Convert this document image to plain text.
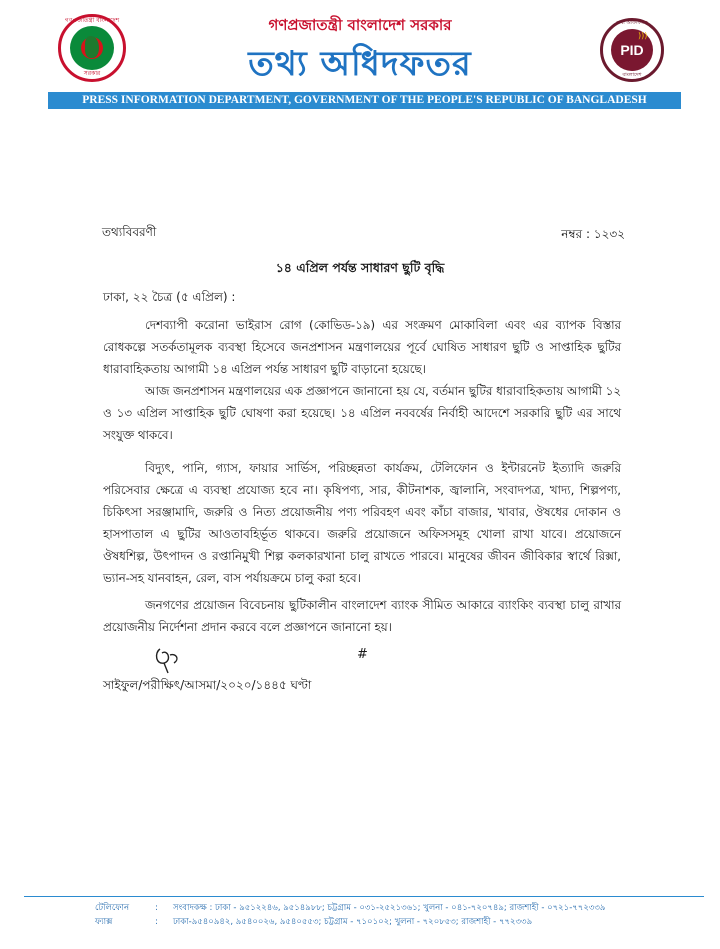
গণপ্রজাতন্ত্রী বাংলাদেশ
সরকার
গণপ্রজাতন্ত্রী বাংলাদেশ সরকার
তথ্য অধিদফতর
তথ্য অধিদফতর
PID
)))
বাংলাদেশ
PRESS INFORMATION DEPARTMENT, GOVERNMENT OF THE PEOPLE'S REPUBLIC OF BANGLADESH
তথ্যবিবরণী	নম্বর : ১২৩২
১৪ এপ্রিল পর্যন্ত সাধারণ ছুটি বৃদ্ধি
ঢাকা, ২২ চৈত্র (৫ এপ্রিল) :
দেশব্যাপী করোনা ভাইরাস রোগ (কোভিড-১৯) এর সংক্রমণ মোকাবিলা এবং এর ব্যাপক বিস্তার রোধকল্পে সতর্কতামূলক ব্যবস্থা হিসেবে জনপ্রশাসন মন্ত্রণালয়ের পূর্বে ঘোষিত সাধারণ ছুটি ও সাপ্তাহিক ছুটির ধারাবাহিকতায় আগামী ১৪ এপ্রিল পর্যন্ত সাধারণ ছুটি বাড়ানো হয়েছে।
আজ জনপ্রশাসন মন্ত্রণালয়ের এক প্রজ্ঞাপনে জানানো হয় যে, বর্তমান ছুটির ধারাবাহিকতায় আগামী ১২ ও ১৩ এপ্রিল সাপ্তাহিক ছুটি ঘোষণা করা হয়েছে। ১৪ এপ্রিল নববর্ষের নির্বাহী আদেশে সরকারি ছুটি এর সাথে সংযুক্ত থাকবে।
বিদ্যুৎ, পানি, গ্যাস, ফায়ার সার্ভিস, পরিচ্ছন্নতা কার্যক্রম, টেলিফোন ও ইন্টারনেট ইত্যাদি জরুরি পরিসেবার ক্ষেত্রে এ ব্যবস্থা প্রযোজ্য হবে না। কৃষিপণ্য, সার, কীটনাশক, জ্বালানি, সংবাদপত্র, খাদ্য, শিল্পপণ্য, চিকিৎসা সরঞ্জামাদি, জরুরি ও নিত্য প্রয়োজনীয় পণ্য পরিবহণ এবং কাঁচা বাজার, খাবার, ঔষধের দোকান ও হাসপাতাল এ ছুটির আওতাবহির্ভূত থাকবে। জরুরি প্রয়োজনে অফিসসমূহ খোলা রাখা যাবে। প্রয়োজনে ঔষধশিল্প, উৎপাদন ও রপ্তানিমুখী শিল্প কলকারখানা চালু রাখতে পারবে। মানুষের জীবন জীবিকার স্বার্থে রিক্সা, ভ্যান-সহ যানবাহন, রেল, বাস পর্যায়ক্রমে চালু করা হবে।
জনগণের প্রয়োজন বিবেচনায় ছুটিকালীন বাংলাদেশ ব্যাংক সীমিত আকারে ব্যাংকিং ব্যবস্থা চালু রাখার প্রয়োজনীয় নির্দেশনা প্রদান করবে বলে প্রজ্ঞাপনে জানানো হয়।
#
সাইফুল/পরীক্ষিৎ/আসমা/২০২০/১৪৪৫ ঘণ্টা
টেলিফোন	: সংবাদকক্ষ : ঢাকা - ৯৫১২২৪৬, ৯৫১৪৯৮৮; চট্টগ্রাম - ০৩১-২৫২১৩৬১; খুলনা - ০৪১-৭২০৭৪৯; রাজশাহী - ০৭২১-৭৭২৩৩৯
ফ্যাক্স	: ঢাকা-৯৫৪০৯৪২, ৯৫৪০০২৬, ৯৫৪০৫৫৩; চট্টগ্রাম - ৭১০১০২; খুলনা - ৭২০৮৫৩; রাজশাহী - ৭৭২৩৩৯
